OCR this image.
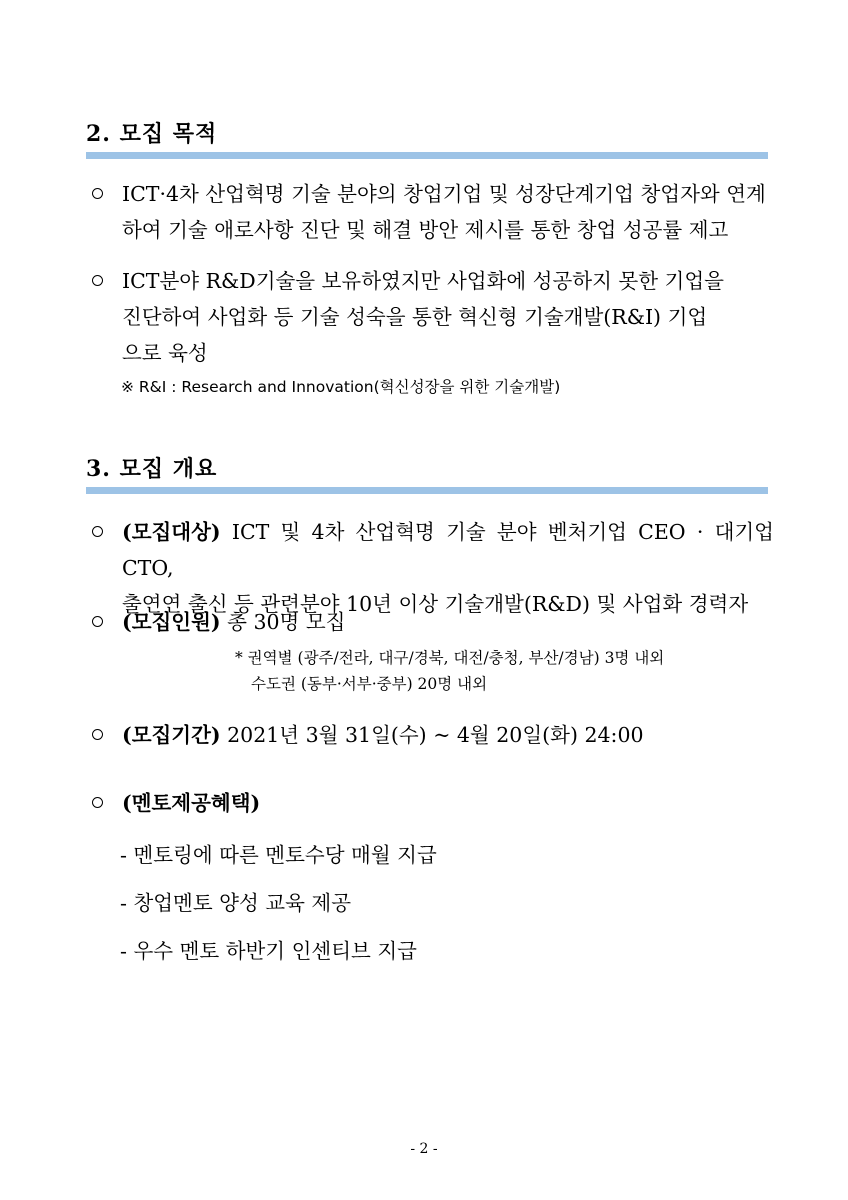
2. 모집 목적
ICT·4차 산업혁명 기술 분야의 창업기업 및 성장단계기업 창업자와 연계
하여 기술 애로사항 진단 및 해결 방안 제시를 통한 창업 성공률 제고
ICT분야 R&D기술을 보유하였지만 사업화에 성공하지 못한 기업을
진단하여 사업화 등 기술 성숙을 통한 혁신형 기술개발(R&I) 기업
으로 육성
※ R&I : Research and Innovation(혁신성장을 위한 기술개발)
3. 모집 개요
(모집대상) ICT 및 4차 산업혁명 기술 분야 벤처기업 CEO · 대기업 CTO,
출연연 출신 등 관련분야 10년 이상 기술개발(R&D) 및 사업화 경력자
(모집인원) 총 30명 모집
* 권역별 (광주/전라, 대구/경북, 대전/충청, 부산/경남) 3명 내외
수도권 (동부·서부·중부) 20명 내외
(모집기간) 2021년 3월 31일(수) ~ 4월 20일(화) 24:00
(멘토제공혜택)
- 멘토링에 따른 멘토수당 매월 지급
- 창업멘토 양성 교육 제공
- 우수 멘토 하반기 인센티브 지급
- 2 -
